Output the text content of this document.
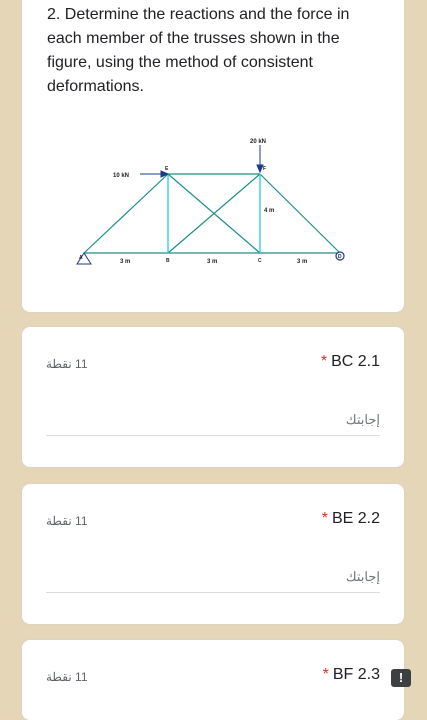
2. Determine the reactions and the force in
each member of the trusses shown in the
figure, using the method of consistent
deformations.
10 kN
20 kN
4 m
3 m	3 m	3 m
A	B	C
D
E	F
11 نقطة	* BC 2.1
إجابتك
11 نقطة	* BE 2.2
إجابتك
11 نقطة	* BF 2.3	!
